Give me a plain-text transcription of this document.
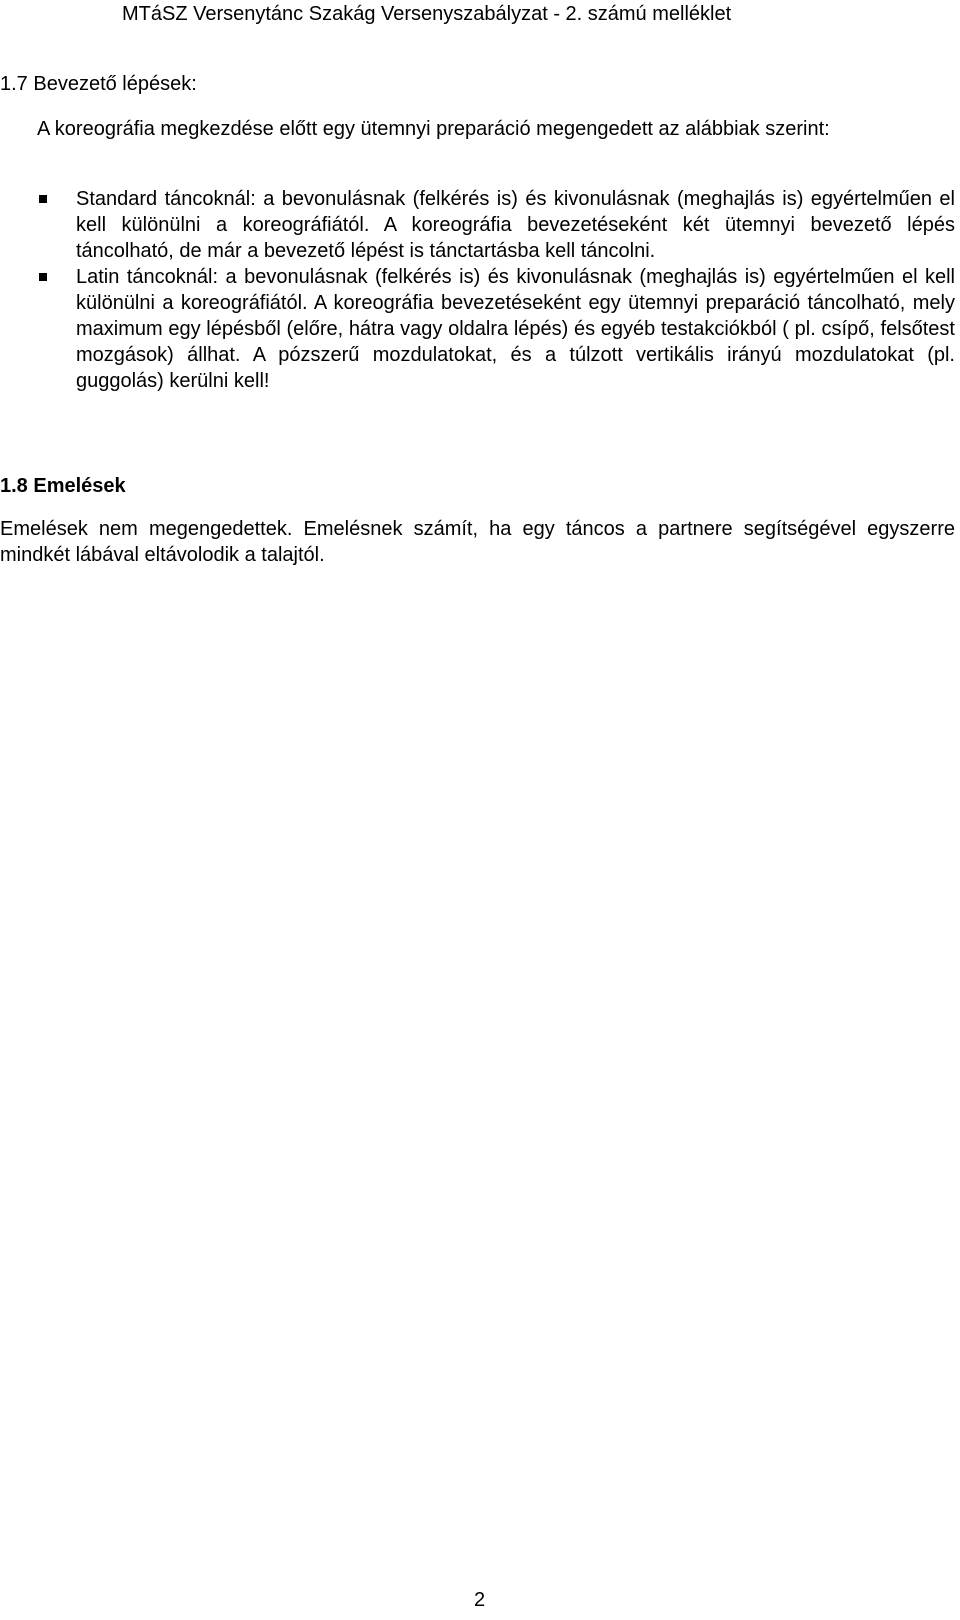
MTáSZ Versenytánc Szakág Versenyszabályzat - 2. számú melléklet
1.7 Bevezető lépések:
A koreográfia megkezdése előtt egy ütemnyi preparáció megengedett az alábbiak szerint:
Standard táncoknál: a bevonulásnak (felkérés is) és kivonulásnak (meghajlás is) egyértelműen el kell különülni a koreográfiától. A koreográfia bevezetéseként két ütemnyi bevezető lépés táncolható, de már a bevezető lépést is tánctartásba kell táncolni.
Latin táncoknál: a bevonulásnak (felkérés is) és kivonulásnak (meghajlás is) egyértelműen el kell különülni a koreográfiától. A koreográfia bevezetéseként egy ütemnyi preparáció táncolható, mely maximum egy lépésből (előre, hátra vagy oldalra lépés) és egyéb testakciókból ( pl. csípő, felsőtest mozgások) állhat. A pózszerű mozdulatokat, és a túlzott vertikális irányú mozdulatokat (pl. guggolás) kerülni kell!
1.8 Emelések
Emelések nem megengedettek. Emelésnek számít, ha egy táncos a partnere segítségével egyszerre mindkét lábával eltávolodik a talajtól.
2
